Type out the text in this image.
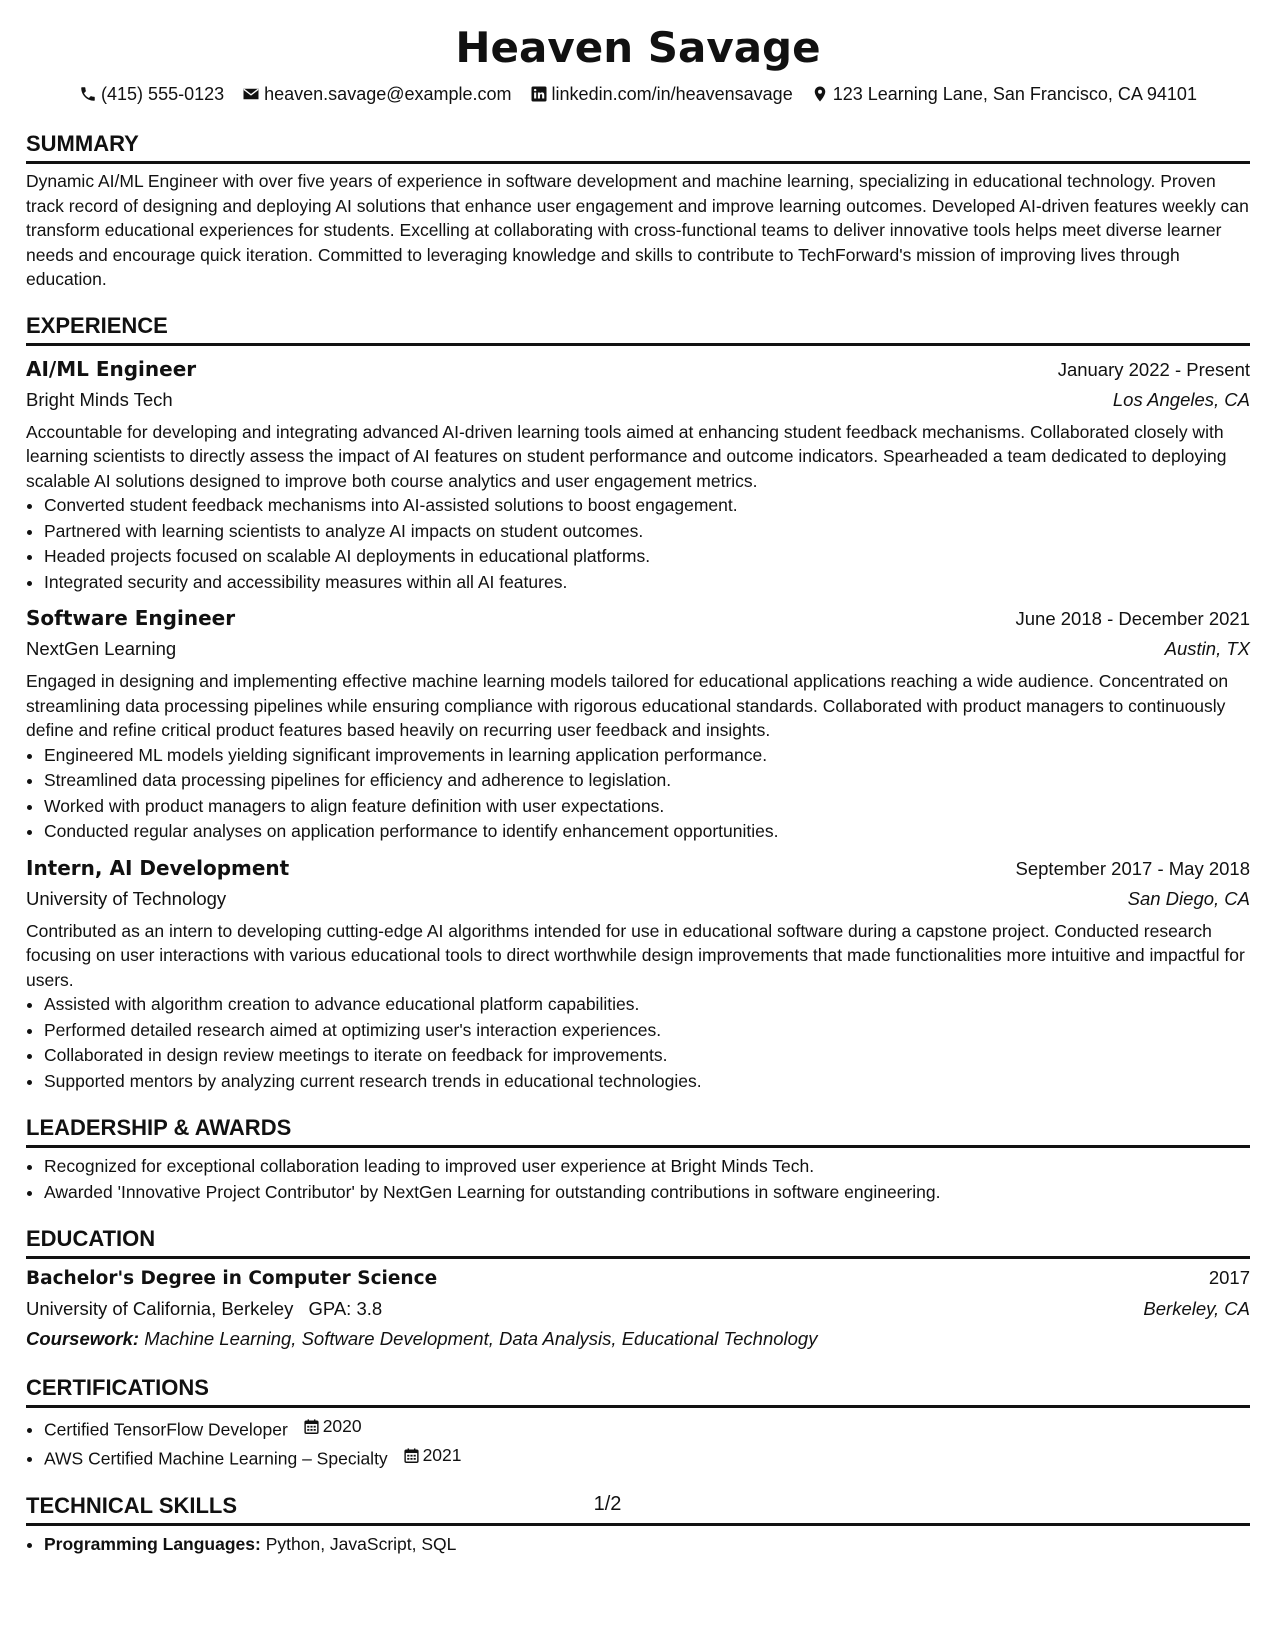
Heaven Savage
(415) 555-0123 heaven.savage@example.com linkedin.com/in/heavensavage 123 Learning Lane, San Francisco, CA 94101
SUMMARY

Dynamic AI/ML Engineer with over five years of experience in software development and machine learning, specializing in educational technology. Proven track record of designing and deploying AI solutions that enhance user engagement and improve learning outcomes. Developed AI-driven features weekly can transform educational experiences for students. Excelling at collaborating with cross-functional teams to deliver innovative tools helps meet diverse learner needs and encourage quick iteration. Committed to leveraging knowledge and skills to contribute to TechForward's mission of improving lives through education.

EXPERIENCE
AI/ML Engineer	January 2022 - Present
Bright Minds Tech	Los Angeles, CA

Accountable for developing and integrating advanced AI-driven learning tools aimed at enhancing student feedback mechanisms. Collaborated closely with learning scientists to directly assess the impact of AI features on student performance and outcome indicators. Spearheaded a team dedicated to deploying scalable AI solutions designed to improve both course analytics and user engagement metrics.

• Converted student feedback mechanisms into AI-assisted solutions to boost engagement.
• Partnered with learning scientists to analyze AI impacts on student outcomes.
• Headed projects focused on scalable AI deployments in educational platforms.
• Integrated security and accessibility measures within all AI features.
Software Engineer	June 2018 - December 2021
NextGen Learning	Austin, TX

Engaged in designing and implementing effective machine learning models tailored for educational applications reaching a wide audience. Concentrated on streamlining data processing pipelines while ensuring compliance with rigorous educational standards. Collaborated with product managers to continuously define and refine critical product features based heavily on recurring user feedback and insights.

• Engineered ML models yielding significant improvements in learning application performance.
• Streamlined data processing pipelines for efficiency and adherence to legislation.
• Worked with product managers to align feature definition with user expectations.
• Conducted regular analyses on application performance to identify enhancement opportunities.
Intern, AI Development	September 2017 - May 2018
University of Technology	San Diego, CA

Contributed as an intern to developing cutting-edge AI algorithms intended for use in educational software during a capstone project. Conducted research focusing on user interactions with various educational tools to direct worthwhile design improvements that made functionalities more intuitive and impactful for users.

• Assisted with algorithm creation to advance educational platform capabilities.
• Performed detailed research aimed at optimizing user's interaction experiences.
• Collaborated in design review meetings to iterate on feedback for improvements.
• Supported mentors by analyzing current research trends in educational technologies.
LEADERSHIP & AWARDS
• Recognized for exceptional collaboration leading to improved user experience at Bright Minds Tech.
• Awarded 'Innovative Project Contributor' by NextGen Learning for outstanding contributions in software engineering.
EDUCATION
Bachelor's Degree in Computer Science	2017
University of California, Berkeley GPA: 3.8	Berkeley, CA
Coursework: Machine Learning, Software Development, Data Analysis, Educational Technology
CERTIFICATIONS
• Certified TensorFlow Developer 2020
• AWS Certified Machine Learning – Specialty 2021
TECHNICAL SKILLS
• Programming Languages: Python, JavaScript, SQL
1/2
